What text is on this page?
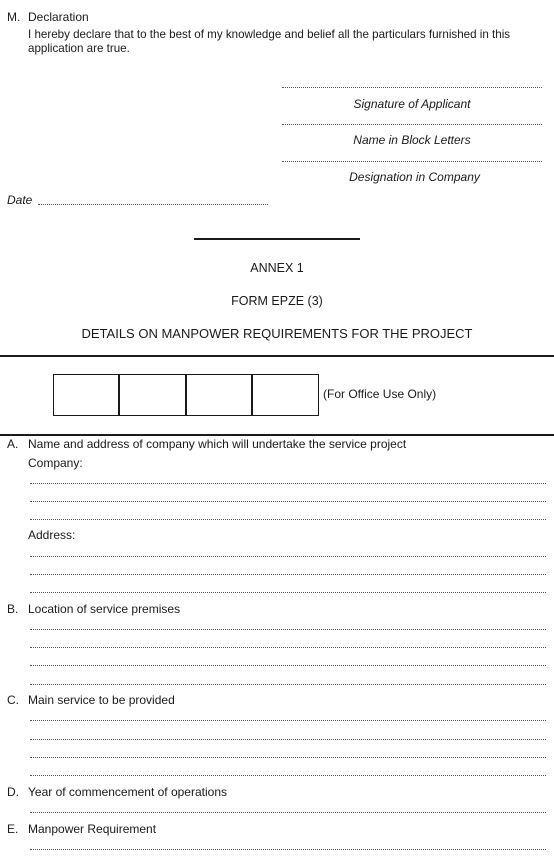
M. Declaration
I hereby declare that to the best of my knowledge and belief all the particulars furnished in this
application are true.
Signature of Applicant
Name in Block Letters
Designation in Company
Date
ANNEX 1
FORM EPZE (3)
DETAILS ON MANPOWER REQUIREMENTS FOR THE PROJECT
(For Office Use Only)
A. Name and address of company which will undertake the service project
Company:
Address:
B. Location of service premises
C. Main service to be provided
D. Year of commencement of operations
E. Manpower Requirement
